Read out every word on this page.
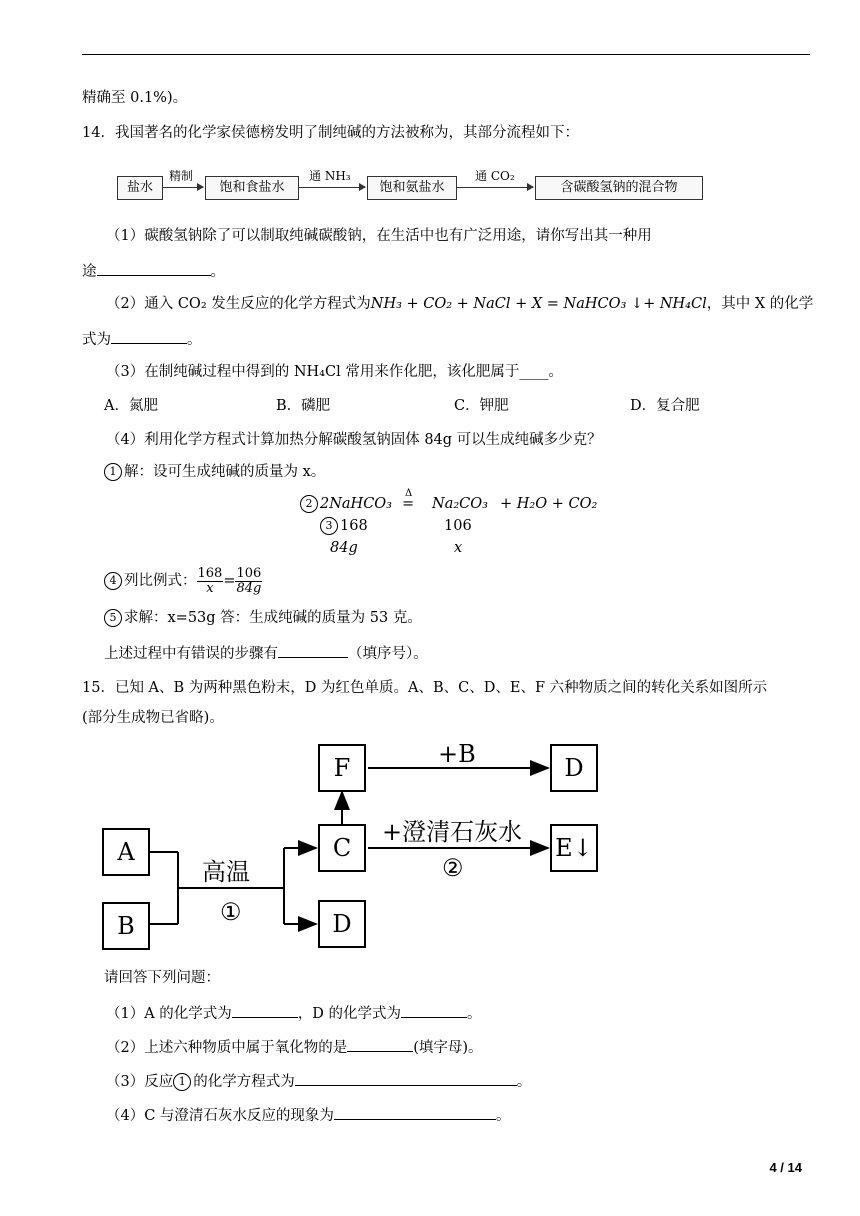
精确至 0.1%)。
14．我国著名的化学家侯德榜发明了制纯碱的方法被称为，其部分流程如下：
盐水
精制
饱和食盐水
通 NH₃
饱和氨盐水
通 CO₂
含碳酸氢钠的混合物
（1）碳酸氢钠除了可以制取纯碱碳酸钠，在生活中也有广泛用途，请你写出其一种用
途	。
（2）通入 CO₂ 发生反应的化学方程式为NH₃ + CO₂ + NaCl + X = NaHCO₃ ↓+ NH₄Cl，其中 X 的化学
式为	。
（3）在制纯碱过程中得到的 NH₄Cl 常用来作化肥，该化肥属于____。
A．氮肥	B．磷肥	C．钾肥	D．复合肥
（4）利用化学方程式计算加热分解碳酸氢钠固体 84g 可以生成纯碱多少克？
1 解：设可生成纯碱的质量为 x。
2 2NaHCO₃
Δ
= Na₂CO₃ + H₂O + CO₂
3 168	106
84g	x
4 列比例式： $\frac{168}{x} = \frac{106}{84g}$
5 求解：x=53g 答：生成纯碱的质量为 53 克。
上述过程中有错误的步骤有	（填序号）。
15．已知 A、B 为两种黑色粉末，D 为红色单质。A、B、C、D、E、F 六种物质之间的转化关系如图所示
(部分生成物已省略)。
A
B
C
D
F	D
E↓
+B
+澄清石灰水
②
高温
①
请回答下列问题：
（1）A 的化学式为	，D 的化学式为	。
（2）上述六种物质中属于氧化物的是	(填字母)。
（3）反应 1 的化学方程式为	。
（4）C 与澄清石灰水反应的现象为	。
4 / 14
